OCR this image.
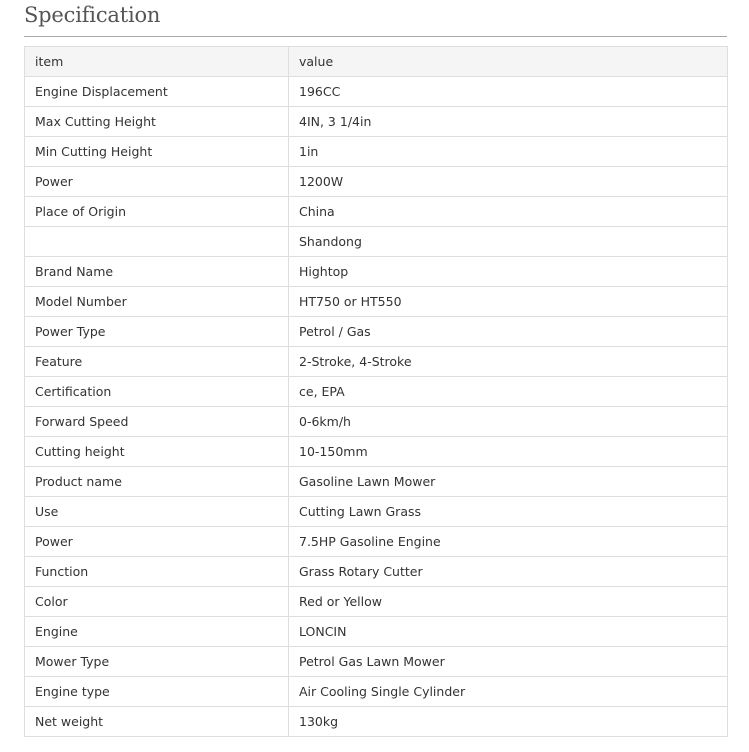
Specification
item	value
Engine Displacement	196CC
Max Cutting Height	4IN, 3 1/4in
Min Cutting Height	1in
Power	1200W
Place of Origin	China
	Shandong
Brand Name	Hightop
Model Number	HT750 or HT550
Power Type	Petrol / Gas
Feature	2-Stroke, 4-Stroke
Certification	ce, EPA
Forward Speed	0-6km/h
Cutting height	10-150mm
Product name	Gasoline Lawn Mower
Use	Cutting Lawn Grass
Power	7.5HP Gasoline Engine
Function	Grass Rotary Cutter
Color	Red or Yellow
Engine	LONCIN
Mower Type	Petrol Gas Lawn Mower
Engine type	Air Cooling Single Cylinder
Net weight	130kg
